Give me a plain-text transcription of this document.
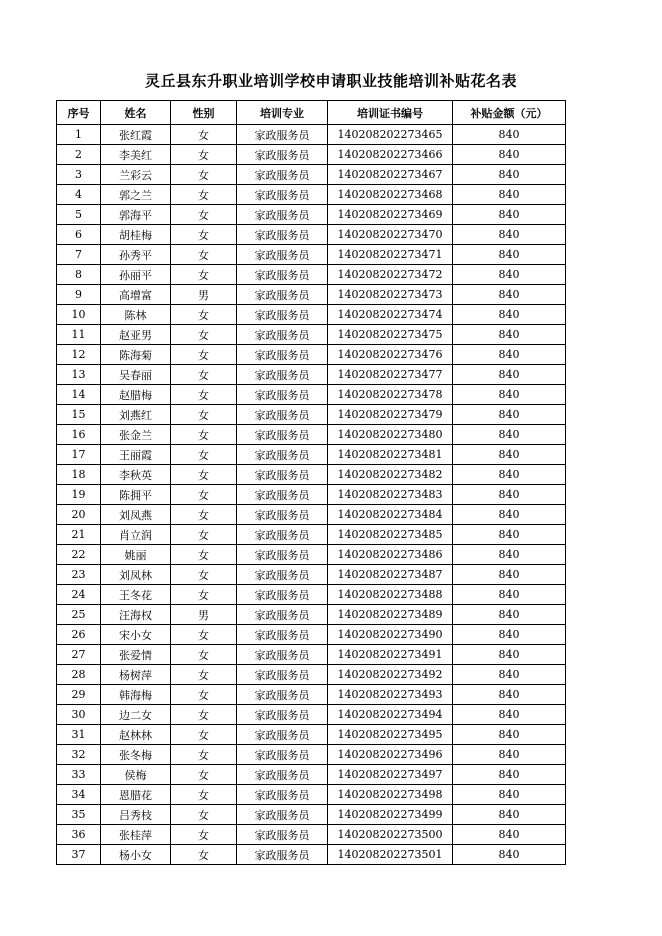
灵丘县东升职业培训学校申请职业技能培训补贴花名表
序号	姓名	性别	培训专业	培训证书编号	补贴金额（元）
1	张红霞	女	家政服务员	140208202273465	840
2	李美红	女	家政服务员	140208202273466	840
3	兰彩云	女	家政服务员	140208202273467	840
4	郭之兰	女	家政服务员	140208202273468	840
5	郭海平	女	家政服务员	140208202273469	840
6	胡桂梅	女	家政服务员	140208202273470	840
7	孙秀平	女	家政服务员	140208202273471	840
8	孙丽平	女	家政服务员	140208202273472	840
9	高增富	男	家政服务员	140208202273473	840
10	陈林	女	家政服务员	140208202273474	840
11	赵亚男	女	家政服务员	140208202273475	840
12	陈海菊	女	家政服务员	140208202273476	840
13	吴春丽	女	家政服务员	140208202273477	840
14	赵腊梅	女	家政服务员	140208202273478	840
15	刘燕红	女	家政服务员	140208202273479	840
16	张金兰	女	家政服务员	140208202273480	840
17	王丽霞	女	家政服务员	140208202273481	840
18	李秋英	女	家政服务员	140208202273482	840
19	陈拥平	女	家政服务员	140208202273483	840
20	刘凤燕	女	家政服务员	140208202273484	840
21	肖立润	女	家政服务员	140208202273485	840
22	姚丽	女	家政服务员	140208202273486	840
23	刘凤林	女	家政服务员	140208202273487	840
24	王冬花	女	家政服务员	140208202273488	840
25	汪海权	男	家政服务员	140208202273489	840
26	宋小女	女	家政服务员	140208202273490	840
27	张爱情	女	家政服务员	140208202273491	840
28	杨树萍	女	家政服务员	140208202273492	840
29	韩海梅	女	家政服务员	140208202273493	840
30	边二女	女	家政服务员	140208202273494	840
31	赵林林	女	家政服务员	140208202273495	840
32	张冬梅	女	家政服务员	140208202273496	840
33	侯梅	女	家政服务员	140208202273497	840
34	恩腊花	女	家政服务员	140208202273498	840
35	吕秀枝	女	家政服务员	140208202273499	840
36	张桂萍	女	家政服务员	140208202273500	840
37	杨小女	女	家政服务员	140208202273501	840
